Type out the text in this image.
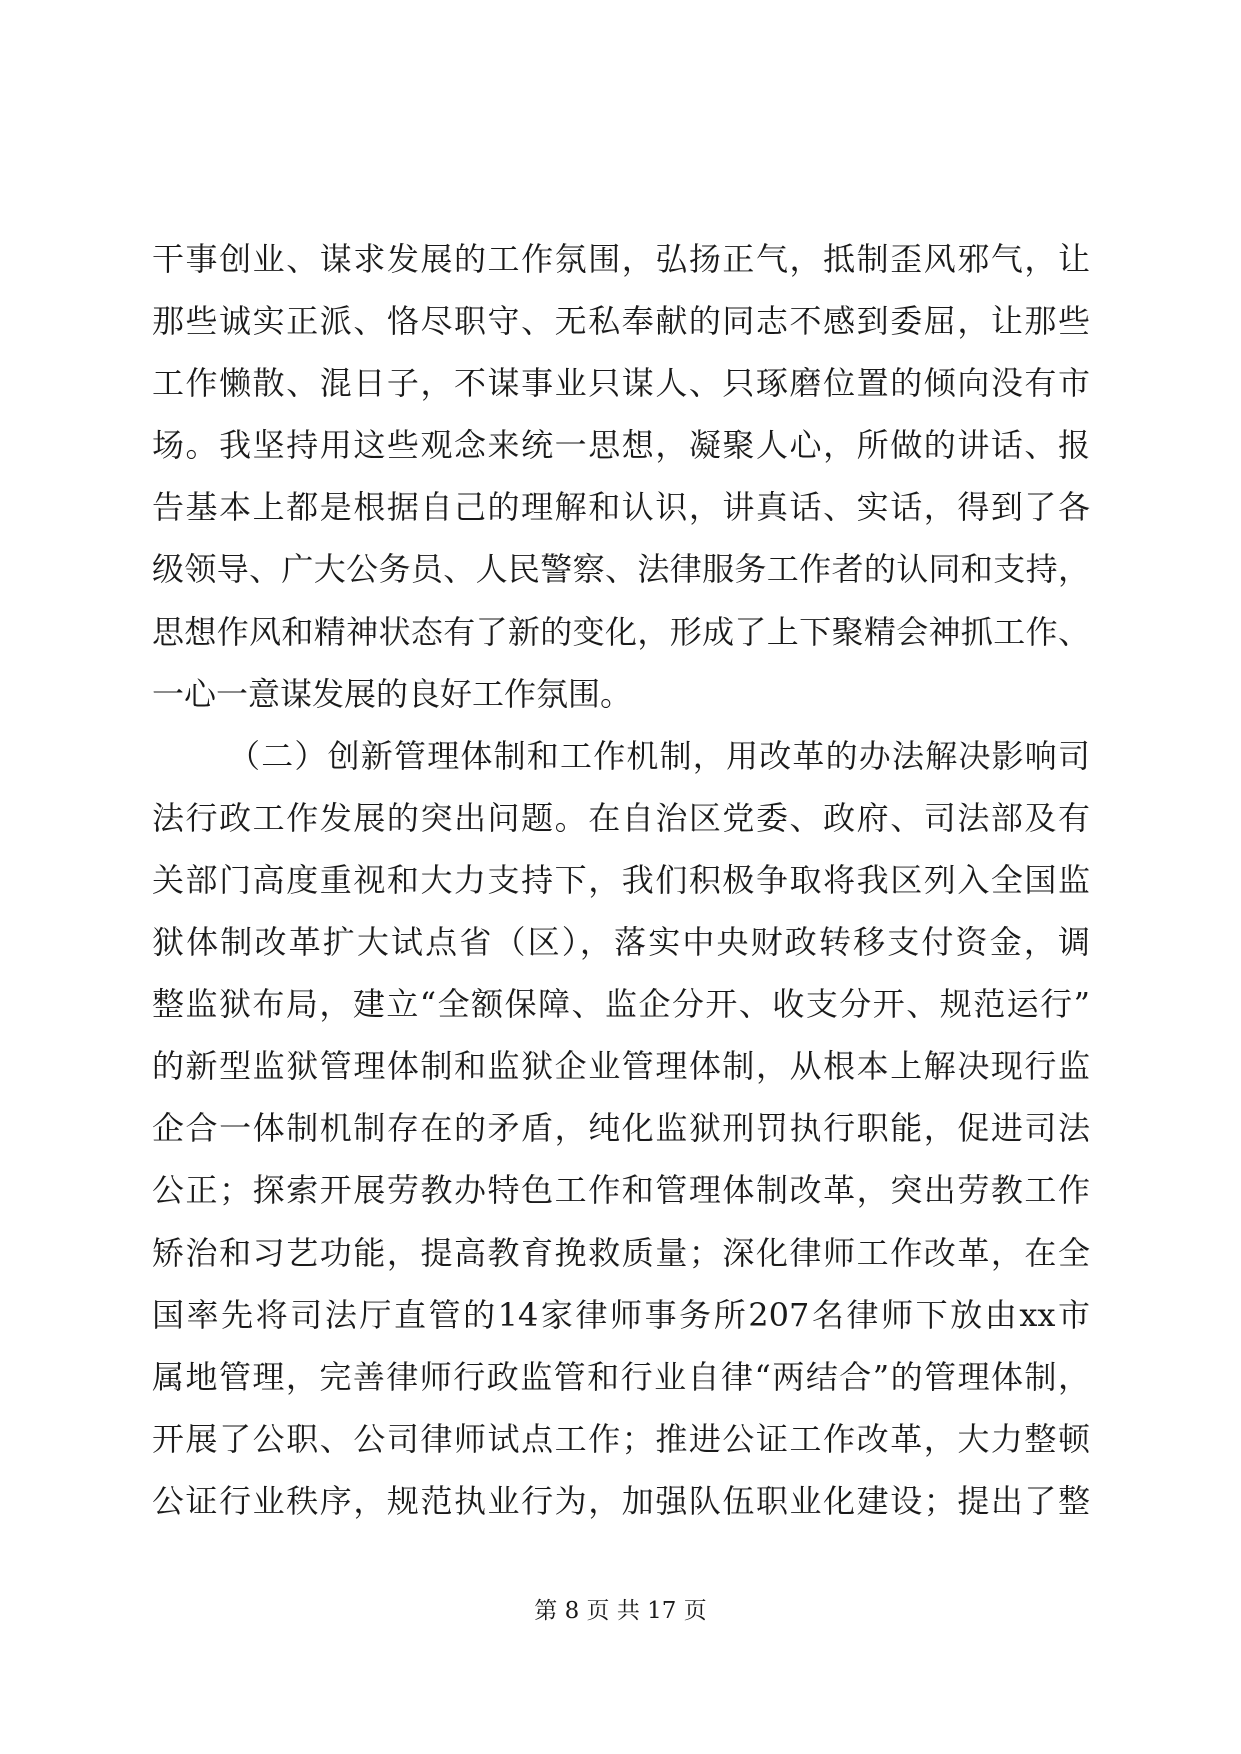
干事创业、谋求发展的工作氛围，弘扬正气，抵制歪风邪气，让
那些诚实正派、恪尽职守、无私奉献的同志不感到委屈，让那些
工作懒散、混日子，不谋事业只谋人、只琢磨位置的倾向没有市
场。我坚持用这些观念来统一思想，凝聚人心，所做的讲话、报
告基本上都是根据自己的理解和认识，讲真话、实话，得到了各
级领导、广大公务员、人民警察、法律服务工作者的认同和支持，
思想作风和精神状态有了新的变化，形成了上下聚精会神抓工作、
一心一意谋发展的良好工作氛围。
（二）创新管理体制和工作机制，用改革的办法解决影响司
法行政工作发展的突出问题。在自治区党委、政府、司法部及有
关部门高度重视和大力支持下，我们积极争取将我区列入全国监
狱体制改革扩大试点省（区），落实中央财政转移支付资金，调
整监狱布局，建立“全额保障、监企分开、收支分开、规范运行”
的新型监狱管理体制和监狱企业管理体制，从根本上解决现行监
企合一体制机制存在的矛盾，纯化监狱刑罚执行职能，促进司法
公正；探索开展劳教办特色工作和管理体制改革，突出劳教工作
矫治和习艺功能，提高教育挽救质量；深化律师工作改革，在全
国率先将司法厅直管的14家律师事务所207名律师下放由xx市
属地管理，完善律师行政监管和行业自律“两结合”的管理体制，
开展了公职、公司律师试点工作；推进公证工作改革，大力整顿
公证行业秩序，规范执业行为，加强队伍职业化建设；提出了整
第 8 页 共 17 页
